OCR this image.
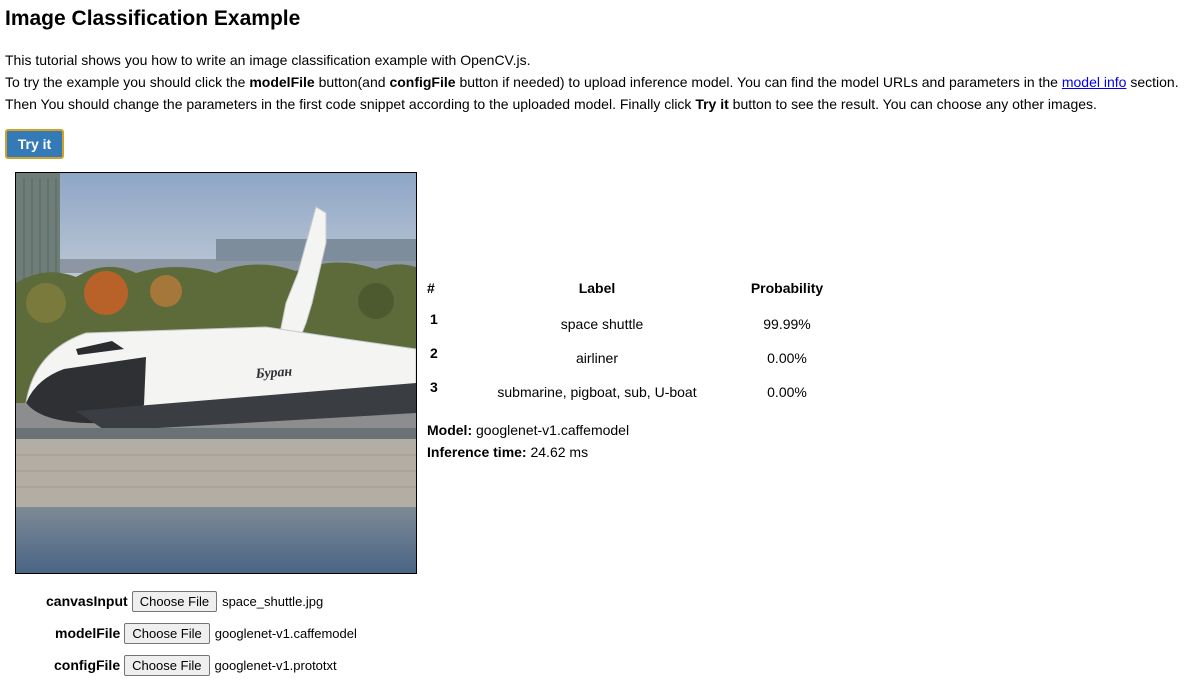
Image Classification Example

This tutorial shows you how to write an image classification example with OpenCV.js.

To try the example you should click the modelFile button(and configFile button if needed) to upload inference model. You can find the model URLs and parameters in the model info section.

Then You should change the parameters in the first code snippet according to the uploaded model. Finally click Try it button to see the result. You can choose any other images.

Try it
Буран
#	Label	Probability
1	space shuttle	99.99%
2	airliner	0.00%
3	submarine, pigboat, sub, U-boat	0.00%
Model: googlenet-v1.caffemodel
Inference time: 24.62 ms
canvasInput Choose File	space_shuttle.jpg
modelFile Choose File	googlenet-v1.caffemodel
configFile Choose File	googlenet-v1.prototxt
